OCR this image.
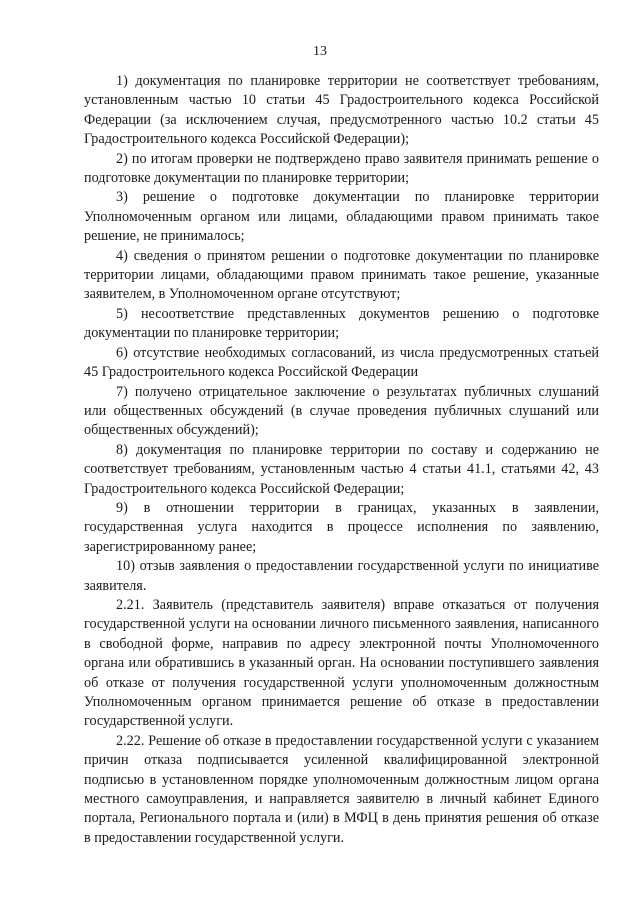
13

1) документация по планировке территории не соответствует требованиям, установленным частью 10 статьи 45 Градостроительного кодекса Российской Федерации (за исключением случая, предусмотренного частью 10.2 статьи 45 Градостроительного кодекса Российской Федерации);

2) по итогам проверки не подтверждено право заявителя принимать решение о подготовке документации по планировке территории;

3) решение о подготовке документации по планировке территории Уполномоченным органом или лицами, обладающими правом принимать такое решение, не принималось;

4) сведения о принятом решении о подготовке документации по планировке территории лицами, обладающими правом принимать такое решение, указанные заявителем, в Уполномоченном органе отсутствуют;

5) несоответствие представленных документов решению о подготовке документации по планировке территории;

6) отсутствие необходимых согласований, из числа предусмотренных статьей 45 Градостроительного кодекса Российской Федерации

7) получено отрицательное заключение о результатах публичных слушаний или общественных обсуждений (в случае проведения публичных слушаний или общественных обсуждений);

8) документация по планировке территории по составу и содержанию не соответствует требованиям, установленным частью 4 статьи 41.1, статьями 42, 43 Градостроительного кодекса Российской Федерации;

9) в отношении территории в границах, указанных в заявлении, государственная услуга находится в процессе исполнения по заявлению, зарегистрированному ранее;

10) отзыв заявления о предоставлении государственной услуги по инициативе заявителя.

2.21. Заявитель (представитель заявителя) вправе отказаться от получения государственной услуги на основании личного письменного заявления, написанного в свободной форме, направив по адресу электронной почты Уполномоченного органа или обратившись в указанный орган. На основании поступившего заявления об отказе от получения государственной услуги уполномоченным должностным Уполномоченным органом принимается решение об отказе в предоставлении государственной услуги.

2.22. Решение об отказе в предоставлении государственной услуги с указанием причин отказа подписывается усиленной квалифицированной электронной подписью в установленном порядке уполномоченным должностным лицом органа местного самоуправления, и направляется заявителю в личный кабинет Единого портала, Регионального портала и (или) в МФЦ в день принятия решения об отказе в предоставлении государственной услуги.
